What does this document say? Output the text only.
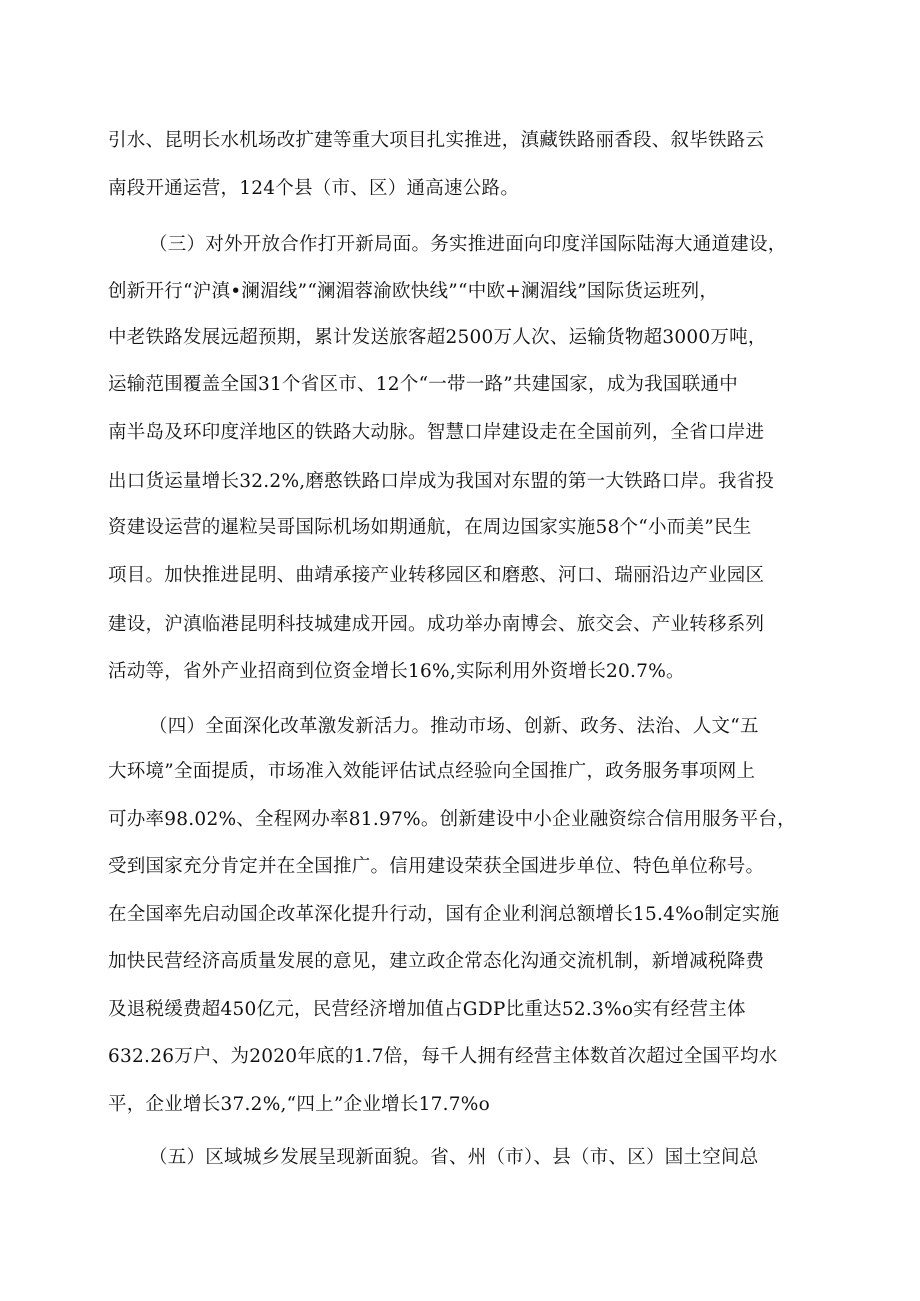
引水、昆明长水机场改扩建等重大项目扎实推进，滇藏铁路丽香段、叙毕铁路云
南段开通运营，124个县（市、区）通高速公路。
（三）对外开放合作打开新局面。务实推进面向印度洋国际陆海大通道建设，
创新开行“沪滇•澜湄线”“澜湄蓉渝欧快线”“中欧+澜湄线”国际货运班列，
中老铁路发展远超预期，累计发送旅客超2500万人次、运输货物超3000万吨，
运输范围覆盖全国31个省区市、12个“一带一路”共建国家，成为我国联通中
南半岛及环印度洋地区的铁路大动脉。智慧口岸建设走在全国前列，全省口岸进
出口货运量增长32.2%,磨憨铁路口岸成为我国对东盟的第一大铁路口岸。我省投
资建设运营的暹粒吴哥国际机场如期通航，在周边国家实施58个“小而美”民生
项目。加快推进昆明、曲靖承接产业转移园区和磨憨、河口、瑞丽沿边产业园区
建设，沪滇临港昆明科技城建成开园。成功举办南博会、旅交会、产业转移系列
活动等，省外产业招商到位资金增长16%,实际利用外资增长20.7%。
（四）全面深化改革激发新活力。推动市场、创新、政务、法治、人文“五
大环境”全面提质，市场准入效能评估试点经验向全国推广，政务服务事项网上
可办率98.02%、全程网办率81.97%。创新建设中小企业融资综合信用服务平台，
受到国家充分肯定并在全国推广。信用建设荣获全国进步单位、特色单位称号。
在全国率先启动国企改革深化提升行动，国有企业利润总额增长15.4%o制定实施
加快民营经济高质量发展的意见，建立政企常态化沟通交流机制，新增减税降费
及退税缓费超450亿元，民营经济增加值占GDP比重达52.3%o实有经营主体
632.26万户、为2020年底的1.7倍，每千人拥有经营主体数首次超过全国平均水
平，企业增长37.2%,“四上”企业增长17.7%o
（五）区域城乡发展呈现新面貌。省、州（市）、县（市、区）国土空间总
